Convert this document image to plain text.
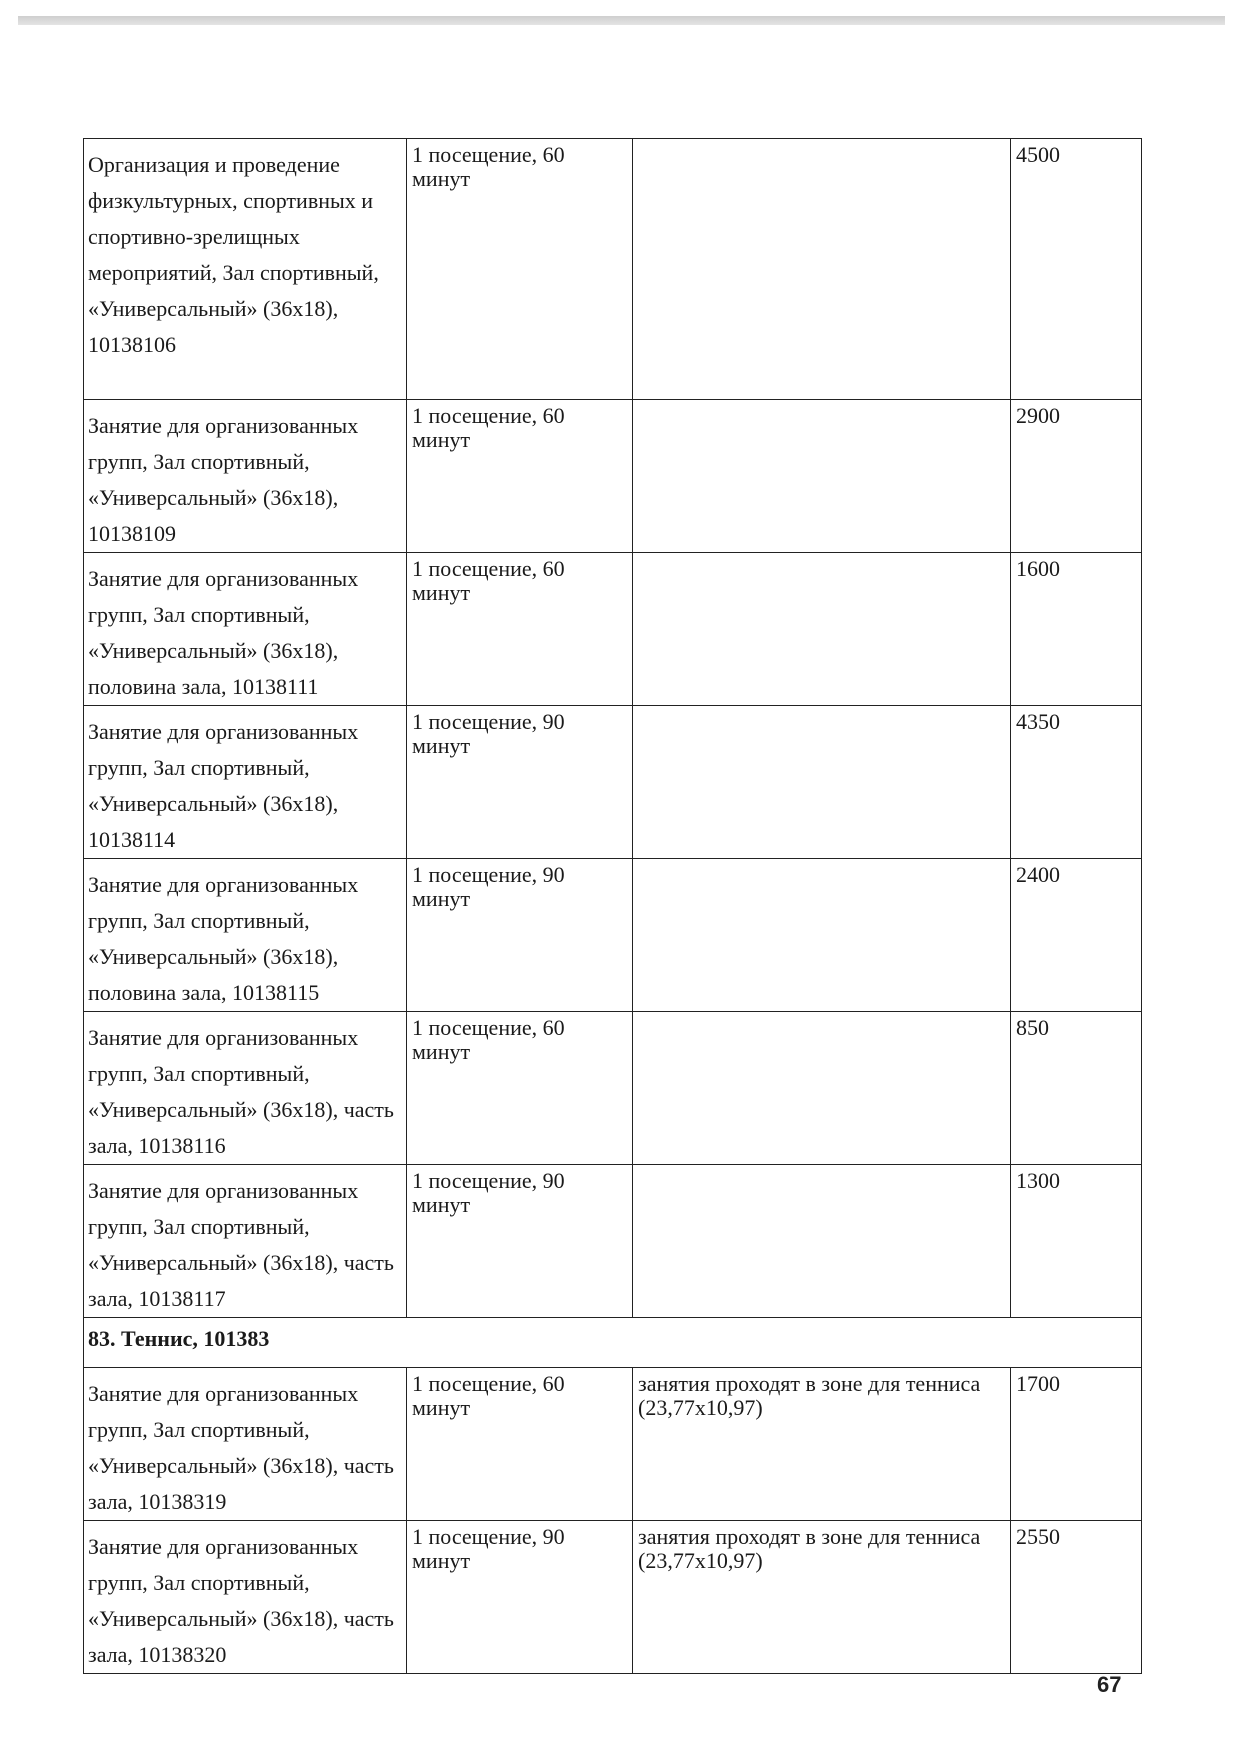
Организация и проведение физкультурных, спортивных и спортивно-зрелищных мероприятий, Зал спортивный, «Универсальный» (36х18), 10138106	1 посещение, 60 минут		4500
Занятие для организованных групп, Зал спортивный, «Универсальный» (36х18), 10138109	1 посещение, 60 минут		2900
Занятие для организованных групп, Зал спортивный, «Универсальный» (36х18), половина зала, 10138111	1 посещение, 60 минут		1600
Занятие для организованных групп, Зал спортивный, «Универсальный» (36х18), 10138114	1 посещение, 90 минут		4350
Занятие для организованных групп, Зал спортивный, «Универсальный» (36х18), половина зала, 10138115	1 посещение, 90 минут		2400
Занятие для организованных групп, Зал спортивный, «Универсальный» (36х18), часть зала, 10138116	1 посещение, 60 минут		850
Занятие для организованных групп, Зал спортивный, «Универсальный» (36х18), часть зала, 10138117	1 посещение, 90 минут		1300
83. Теннис, 101383			
Занятие для организованных групп, Зал спортивный, «Универсальный» (36х18), часть зала, 10138319	1 посещение, 60 минут	занятия проходят в зоне для тенниса (23,77х10,97)	1700
Занятие для организованных групп, Зал спортивный, «Универсальный» (36х18), часть зала, 10138320	1 посещение, 90 минут	занятия проходят в зоне для тенниса (23,77х10,97)	2550
67
